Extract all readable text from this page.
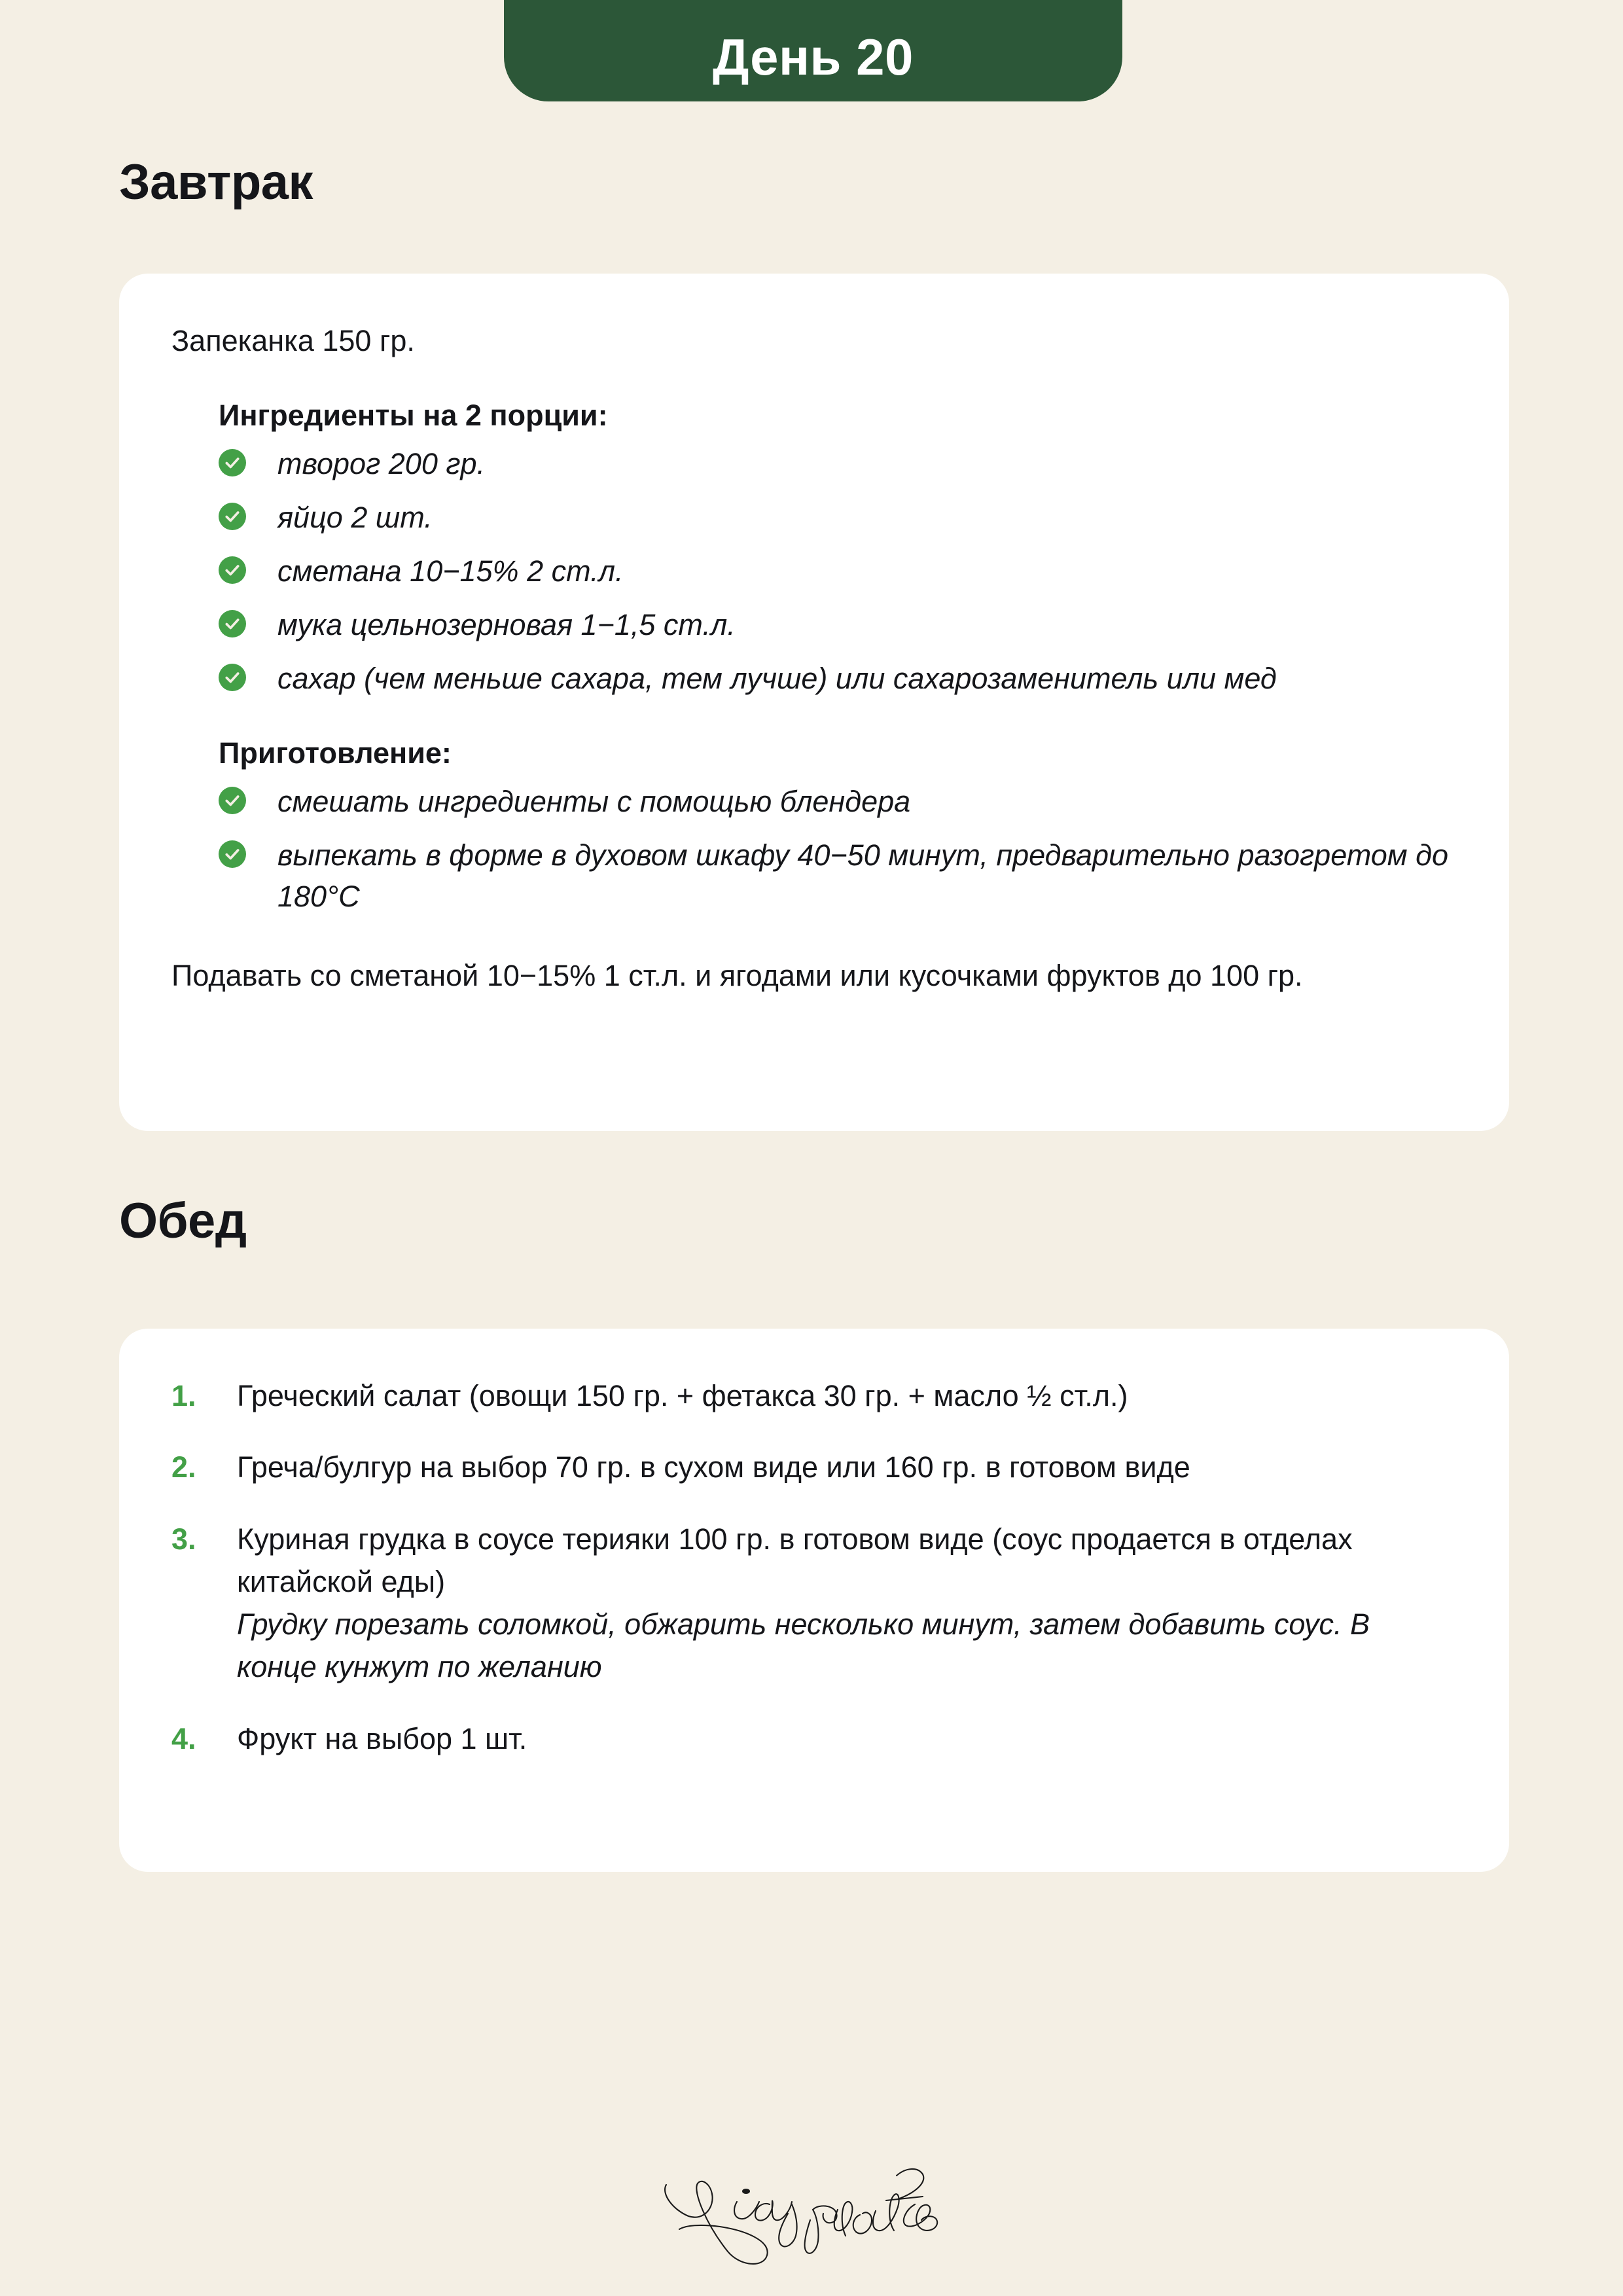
День 20
Завтрак
Запеканка 150 гр.
Ингредиенты на 2 порции:
творог 200 гр.
яйцо 2 шт.
сметана 10−15% 2 ст.л.
мука цельнозерновая 1−1,5 ст.л.
сахар (чем меньше сахара, тем лучше) или сахарозаменитель или мед
Приготовление:
смешать ингредиенты с помощью блендера
выпекать в форме в духовом шкафу 40−50 минут, предварительно разогретом до 180°C
Подавать со сметаной 10−15% 1 ст.л. и ягодами или кусочками фруктов до 100 гр.
Обед
1. Греческий салат (овощи 150 гр. + фетакса 30 гр. + масло ½ ст.л.)
2. Греча/булгур на выбор 70 гр. в сухом виде или 160 гр. в готовом виде
3. Куриная грудка в соусе терияки 100 гр. в готовом виде (соус продается в отделах китайской еды)
Грудку порезать соломкой, обжарить несколько минут, затем добавить соус. В конце кунжут по желанию
4. Фрукт на выбор 1 шт.
